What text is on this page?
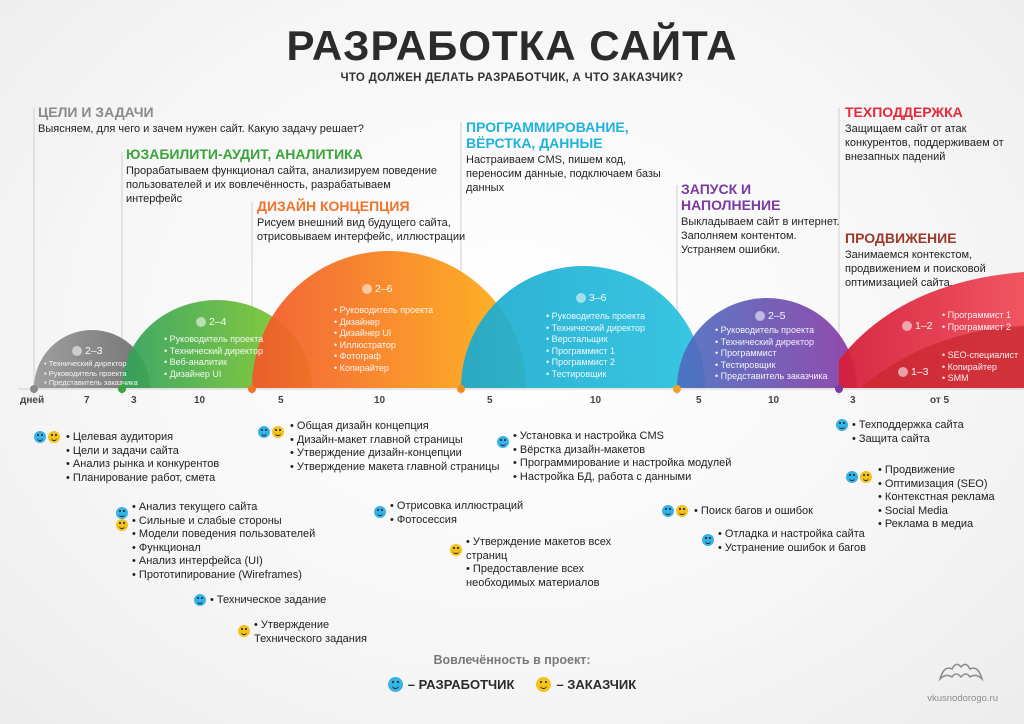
РАЗРАБОТКА САЙТА
ЧТО ДОЛЖЕН ДЕЛАТЬ РАЗРАБОТЧИК, А ЧТО ЗАКАЗЧИК?
ЦЕЛИ И ЗАДАЧИ
Выясняем, для чего и зачем нужен сайт. Какую задачу решает?
ЮЗАБИЛИТИ-АУДИТ, АНАЛИТИКА
Прорабатываем функционал сайта, анализируем поведение пользователей и их вовлечённость, разрабатываем интерфейс	ДИЗАЙН КОНЦЕПЦИЯ
Рисуем внешний вид будущего сайта, отрисовываем интерфейс, иллюстрации
ПРОГРАММИРОВАНИЕ, ВЁРСТКА, ДАННЫЕ
Настраиваем CMS, пишем код, переносим данные, подключаем базы данных	ЗАПУСК И НАПОЛНЕНИЕ
Выкладываем сайт в интернет. Заполняем контентом. Устраняем ошибки.
ТЕХПОДДЕРЖКА
Защищаем сайт от атак конкурентов, поддерживаем от внезапных падений
ПРОДВИЖЕНИЕ
Занимаемся контекстом, продвижением и поисковой оптимизацией сайта.
2–3
• Технический директор
• Руководитель проекта
• Представитель заказчика
2–4
• Руководитель проекта
• Технический директор
• Веб-аналитик
• Дизайнер UI
2–6
• Руководитель проекта
• Дизайнер
• Дизайнер UI
• Иллюстратор
• Фотограф
• Копирайтер
3–6
• Руководитель проекта
• Технический директор
• Верстальщик
• Программист 1
• Программист 2
• Тестировщик
2–5
• Руководитель проекта
• Технический директор
• Программист
• Тестировщик
• Представитель заказчика
1–2
• Программист 1
• Программист 2
1–3
• SEO-специалист
• Копирайтер
• SMM
дней	7	3	10	5	10	5	10	5	10	3	от 5
• Целевая аудитория
• Цели и задачи сайта
• Анализ рынка и конкурентов
• Планирование работ, смета
• Анализ текущего сайта
• Сильные и слабые стороны
• Модели поведения пользователей
• Функционал
• Анализ интерфейса (UI)
• Прототипирование (Wireframes)
• Техническое задание
• Утверждение Технического задания
• Общая дизайн концепция
• Дизайн-макет главной страницы
• Утверждение дизайн-концепции
• Утверждение макета главной страницы
• Отрисовка иллюстраций
• Фотосессия
• Утверждение макетов всех страниц
• Предоставление всех необходимых материалов
• Установка и настройка CMS
• Вёрстка дизайн-макетов
• Программирование и настройка модулей
• Настройка БД, работа с данными
• Поиск багов и ошибок
• Отладка и настройка сайта
• Устранение ошибок и багов
• Техподдержка сайта
• Защита сайта
• Продвижение
• Оптимизация (SEO)
• Контекстная реклама
• Social Media
• Реклама в медиа
Вовлечённость в проект:
– РАЗРАБОТЧИК	– ЗАКАЗЧИК
vkusnodorogo.ru
